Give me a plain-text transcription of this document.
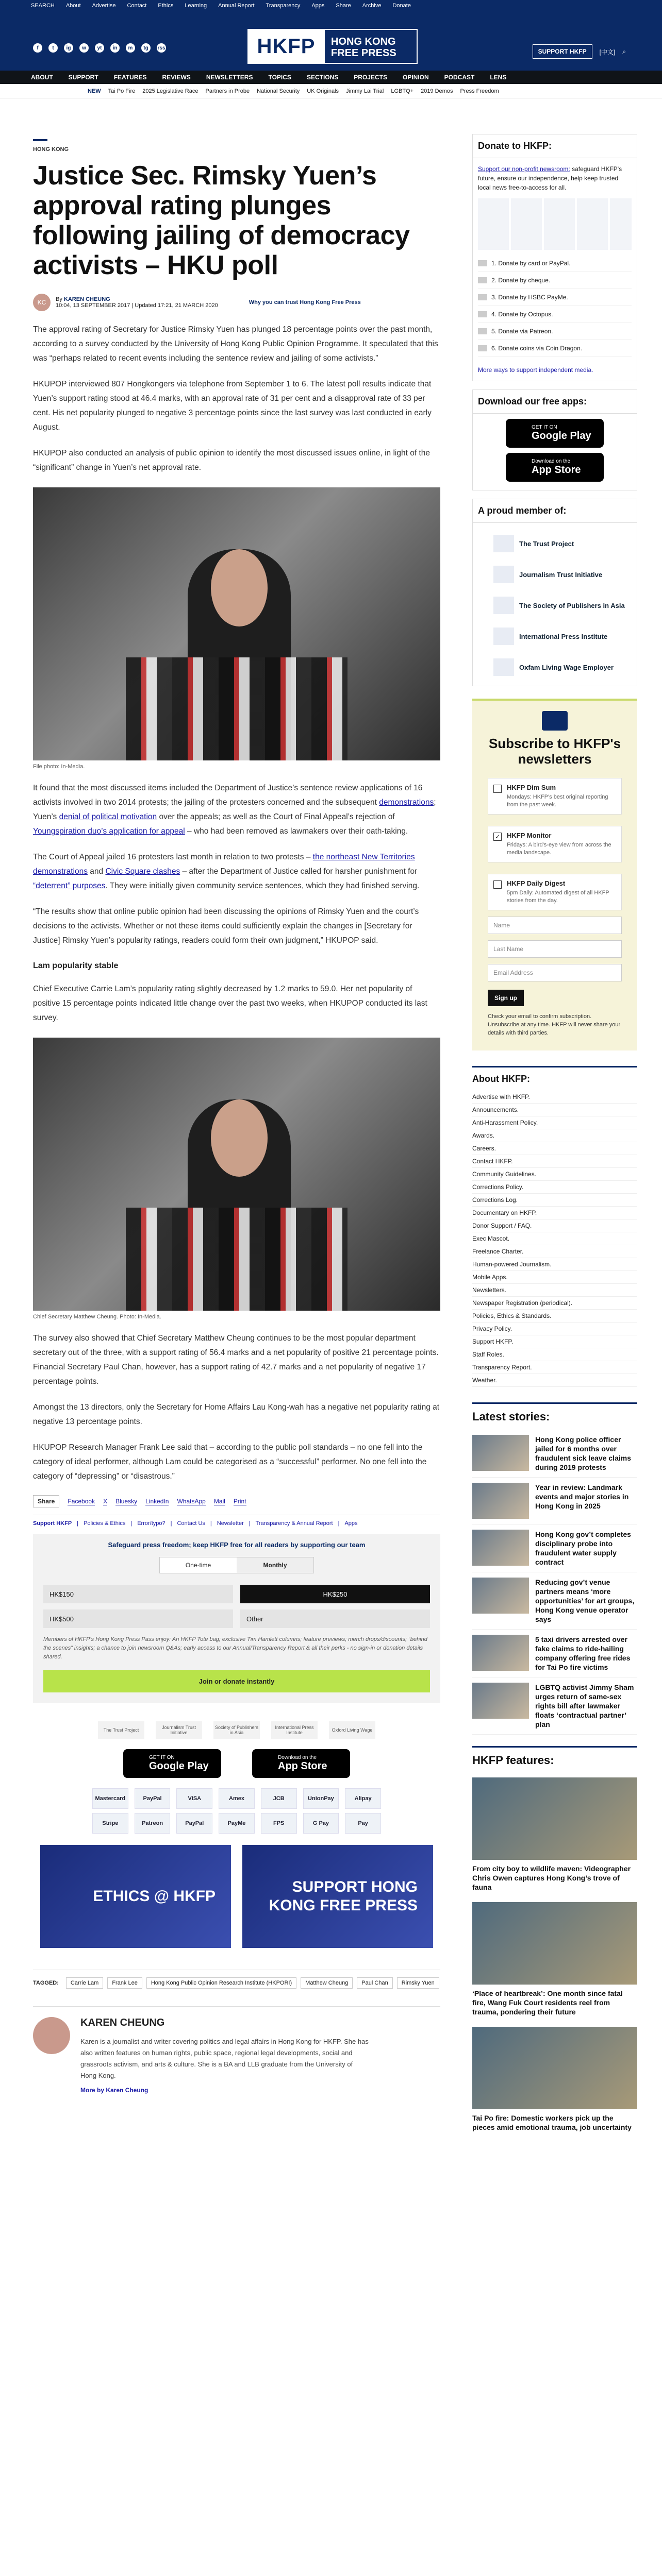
SEARCH About Advertise Contact Ethics Learning Annual Report Transparency Apps Share Archive Donate
f	t	ig	w	yt	in	m	tg	rss	HKFP	HONG KONG
FREE PRESS	SUPPORT HKFP	[中文] ⌕
ABOUT	SUPPORT	FEATURES	REVIEWS	NEWSLETTERS	TOPICS	SECTIONS	PROJECTS	OPINION	PODCAST	LENS
NEW Tai Po Fire 2025 Legislative Race Partners in Probe National Security UK Originals Jimmy Lai Trial LGBTQ+ 2019 Demos Press Freedom
HONG KONG
Justice Sec. Rimsky Yuen’s approval rating plunges following jailing of democracy activists – HKU poll
KC	By KAREN CHEUNG
10:04, 13 SEPTEMBER 2017 | Updated 17:21, 21 MARCH 2020	Why you can trust Hong Kong Free Press

The approval rating of Secretary for Justice Rimsky Yuen has plunged 18 percentage points over the past month, according to a survey conducted by the University of Hong Kong Public Opinion Programme. It speculated that this was “perhaps related to recent events including the sentence review and jailing of some activists.”

HKUPOP interviewed 807 Hongkongers via telephone from September 1 to 6. The latest poll results indicate that Yuen’s support rating stood at 46.4 marks, with an approval rate of 31 per cent and a disapproval rate of 33 per cent. His net popularity plunged to negative 3 percentage points since the last survey was last conducted in early August.

HKUPOP also conducted an analysis of public opinion to identify the most discussed issues online, in light of the “significant” change in Yuen’s net approval rate.

File photo: In-Media.

It found that the most discussed items included the Department of Justice’s sentence review applications of 16 activists involved in two 2014 protests; the jailing of the protesters concerned and the subsequent demonstrations; Yuen’s denial of political motivation over the appeals; as well as the Court of Final Appeal’s rejection of Youngspiration duo’s application for appeal – who had been removed as lawmakers over their oath-taking.

The Court of Appeal jailed 16 protesters last month in relation to two protests – the northeast New Territories demonstrations and Civic Square clashes – after the Department of Justice called for harsher punishment for “deterrent” purposes. They were initially given community service sentences, which they had finished serving.

“The results show that online public opinion had been discussing the opinions of Rimsky Yuen and the court’s decisions to the activists. Whether or not these items could sufficiently explain the changes in [Secretary for Justice] Rimsky Yuen’s popularity ratings, readers could form their own judgment,” HKUPOP said.

Lam popularity stable

Chief Executive Carrie Lam’s popularity rating slightly decreased by 1.2 marks to 59.0. Her net popularity of positive 15 percentage points indicated little change over the past two weeks, when HKUPOP conducted its last survey.

Chief Secretary Matthew Cheung. Photo: In-Media.

The survey also showed that Chief Secretary Matthew Cheung continues to be the most popular department secretary out of the three, with a support rating of 56.4 marks and a net popularity of positive 21 percentage points. Financial Secretary Paul Chan, however, has a support rating of 42.7 marks and a net popularity of negative 17 percentage points.

Amongst the 13 directors, only the Secretary for Home Affairs Lau Kong-wah has a negative net popularity rating at negative 13 percentage points.

HKUPOP Research Manager Frank Lee said that – according to the public poll standards – no one fell into the category of ideal performer, although Lam could be categorised as a “successful” performer. No one fell into the category of “depressing” or “disastrous.”

Share	Facebook X Bluesky LinkedIn WhatsApp Mail Print
Support HKFP | Policies & Ethics | Error/typo? | Contact Us | Newsletter | Transparency & Annual Report | Apps
Safeguard press freedom; keep HKFP free for all readers by supporting our team
One-time	Monthly
HK$150	HK$250
HK$500	Other
Members of HKFP's Hong Kong Press Pass enjoy: An HKFP Tote bag; exclusive Tim Hamlett columns; feature previews; merch drops/discounts; “behind the scenes” insights; a chance to join newsroom Q&As; early access to our Annual/Transparency Report & all their perks - no sign-in or donation details shared.
Join or donate instantly
The Trust Project	Journalism Trust Initiative
Society of Publishers in Asia
International Press Institute	Oxford Living Wage
GET IT ON
Google Play
Download on the
App Store
Mastercard	PayPal	VISA	Amex	JCB	UnionPay	Alipay
Stripe	Patreon	PayPal	PayMe	FPS	G Pay	Pay
ETHICS @ HKFP
SUPPORT HONG KONG FREE PRESS
TAGGED:	Carrie Lam	Frank Lee	Hong Kong Public Opinion Research Institute (HKPORI)	Matthew Cheung	Paul Chan	Rimsky Yuen
KAREN CHEUNG
Karen is a journalist and writer covering politics and legal affairs in Hong Kong for HKFP. She has also written features on human rights, public space, regional legal developments, social and grassroots activism, and arts & culture. She is a BA and LLB graduate from the University of Hong Kong.
More by Karen Cheung
Donate to HKFP:
Support our non-profit newsroom: safeguard HKFP's future, ensure our independence, help keep trusted local news free-to-access for all.
1. Donate by card or PayPal.
2. Donate by cheque.
3. Donate by HSBC PayMe.
4. Donate by Octopus.
5. Donate via Patreon.
6. Donate coins via Coin Dragon.
More ways to support independent media.
Download our free apps:
GET IT ON
Google Play
Download on the
App Store
A proud member of:
The Trust Project
Journalism Trust Initiative
The Society of Publishers in Asia
International Press Institute
Oxfam Living Wage Employer
Subscribe to HKFP's newsletters
HKFP Dim Sum
Mondays: HKFP's best original reporting from the past week.
✓ HKFP Monitor
Fridays: A bird's-eye view from across the media landscape.
HKFP Daily Digest
5pm Daily: Automated digest of all HKFP stories from the day.
Name
Last Name
Email Address
Sign up
Check your email to confirm subscription. Unsubscribe at any time. HKFP will never share your details with third parties.
About HKFP:
Advertise with HKFP.
Announcements.
Anti-Harassment Policy.
Awards.
Careers.
Contact HKFP.
Community Guidelines.
Corrections Policy.
Corrections Log.
Documentary on HKFP.
Donor Support / FAQ.
Exec Mascot.
Freelance Charter.
Human-powered Journalism.
Mobile Apps.
Newsletters.
Newspaper Registration (periodical).
Policies, Ethics & Standards.
Privacy Policy.
Support HKFP.
Staff Roles.
Transparency Report.
Weather.
Latest stories:
Hong Kong police officer jailed for 6 months over fraudulent sick leave claims during 2019 protests
Year in review: Landmark events and major stories in Hong Kong in 2025
Hong Kong gov’t completes disciplinary probe into fraudulent water supply contract
Reducing gov’t venue partners means ‘more opportunities’ for art groups, Hong Kong venue operator says
5 taxi drivers arrested over fake claims to ride-hailing company offering free rides for Tai Po fire victims
LGBTQ activist Jimmy Sham urges return of same-sex rights bill after lawmaker floats ‘contractual partner’ plan
HKFP features:
From city boy to wildlife maven: Videographer Chris Owen captures Hong Kong’s trove of fauna
‘Place of heartbreak’: One month since fatal fire, Wang Fuk Court residents reel from trauma, pondering their future
Tai Po fire: Domestic workers pick up the pieces amid emotional trauma, job uncertainty
